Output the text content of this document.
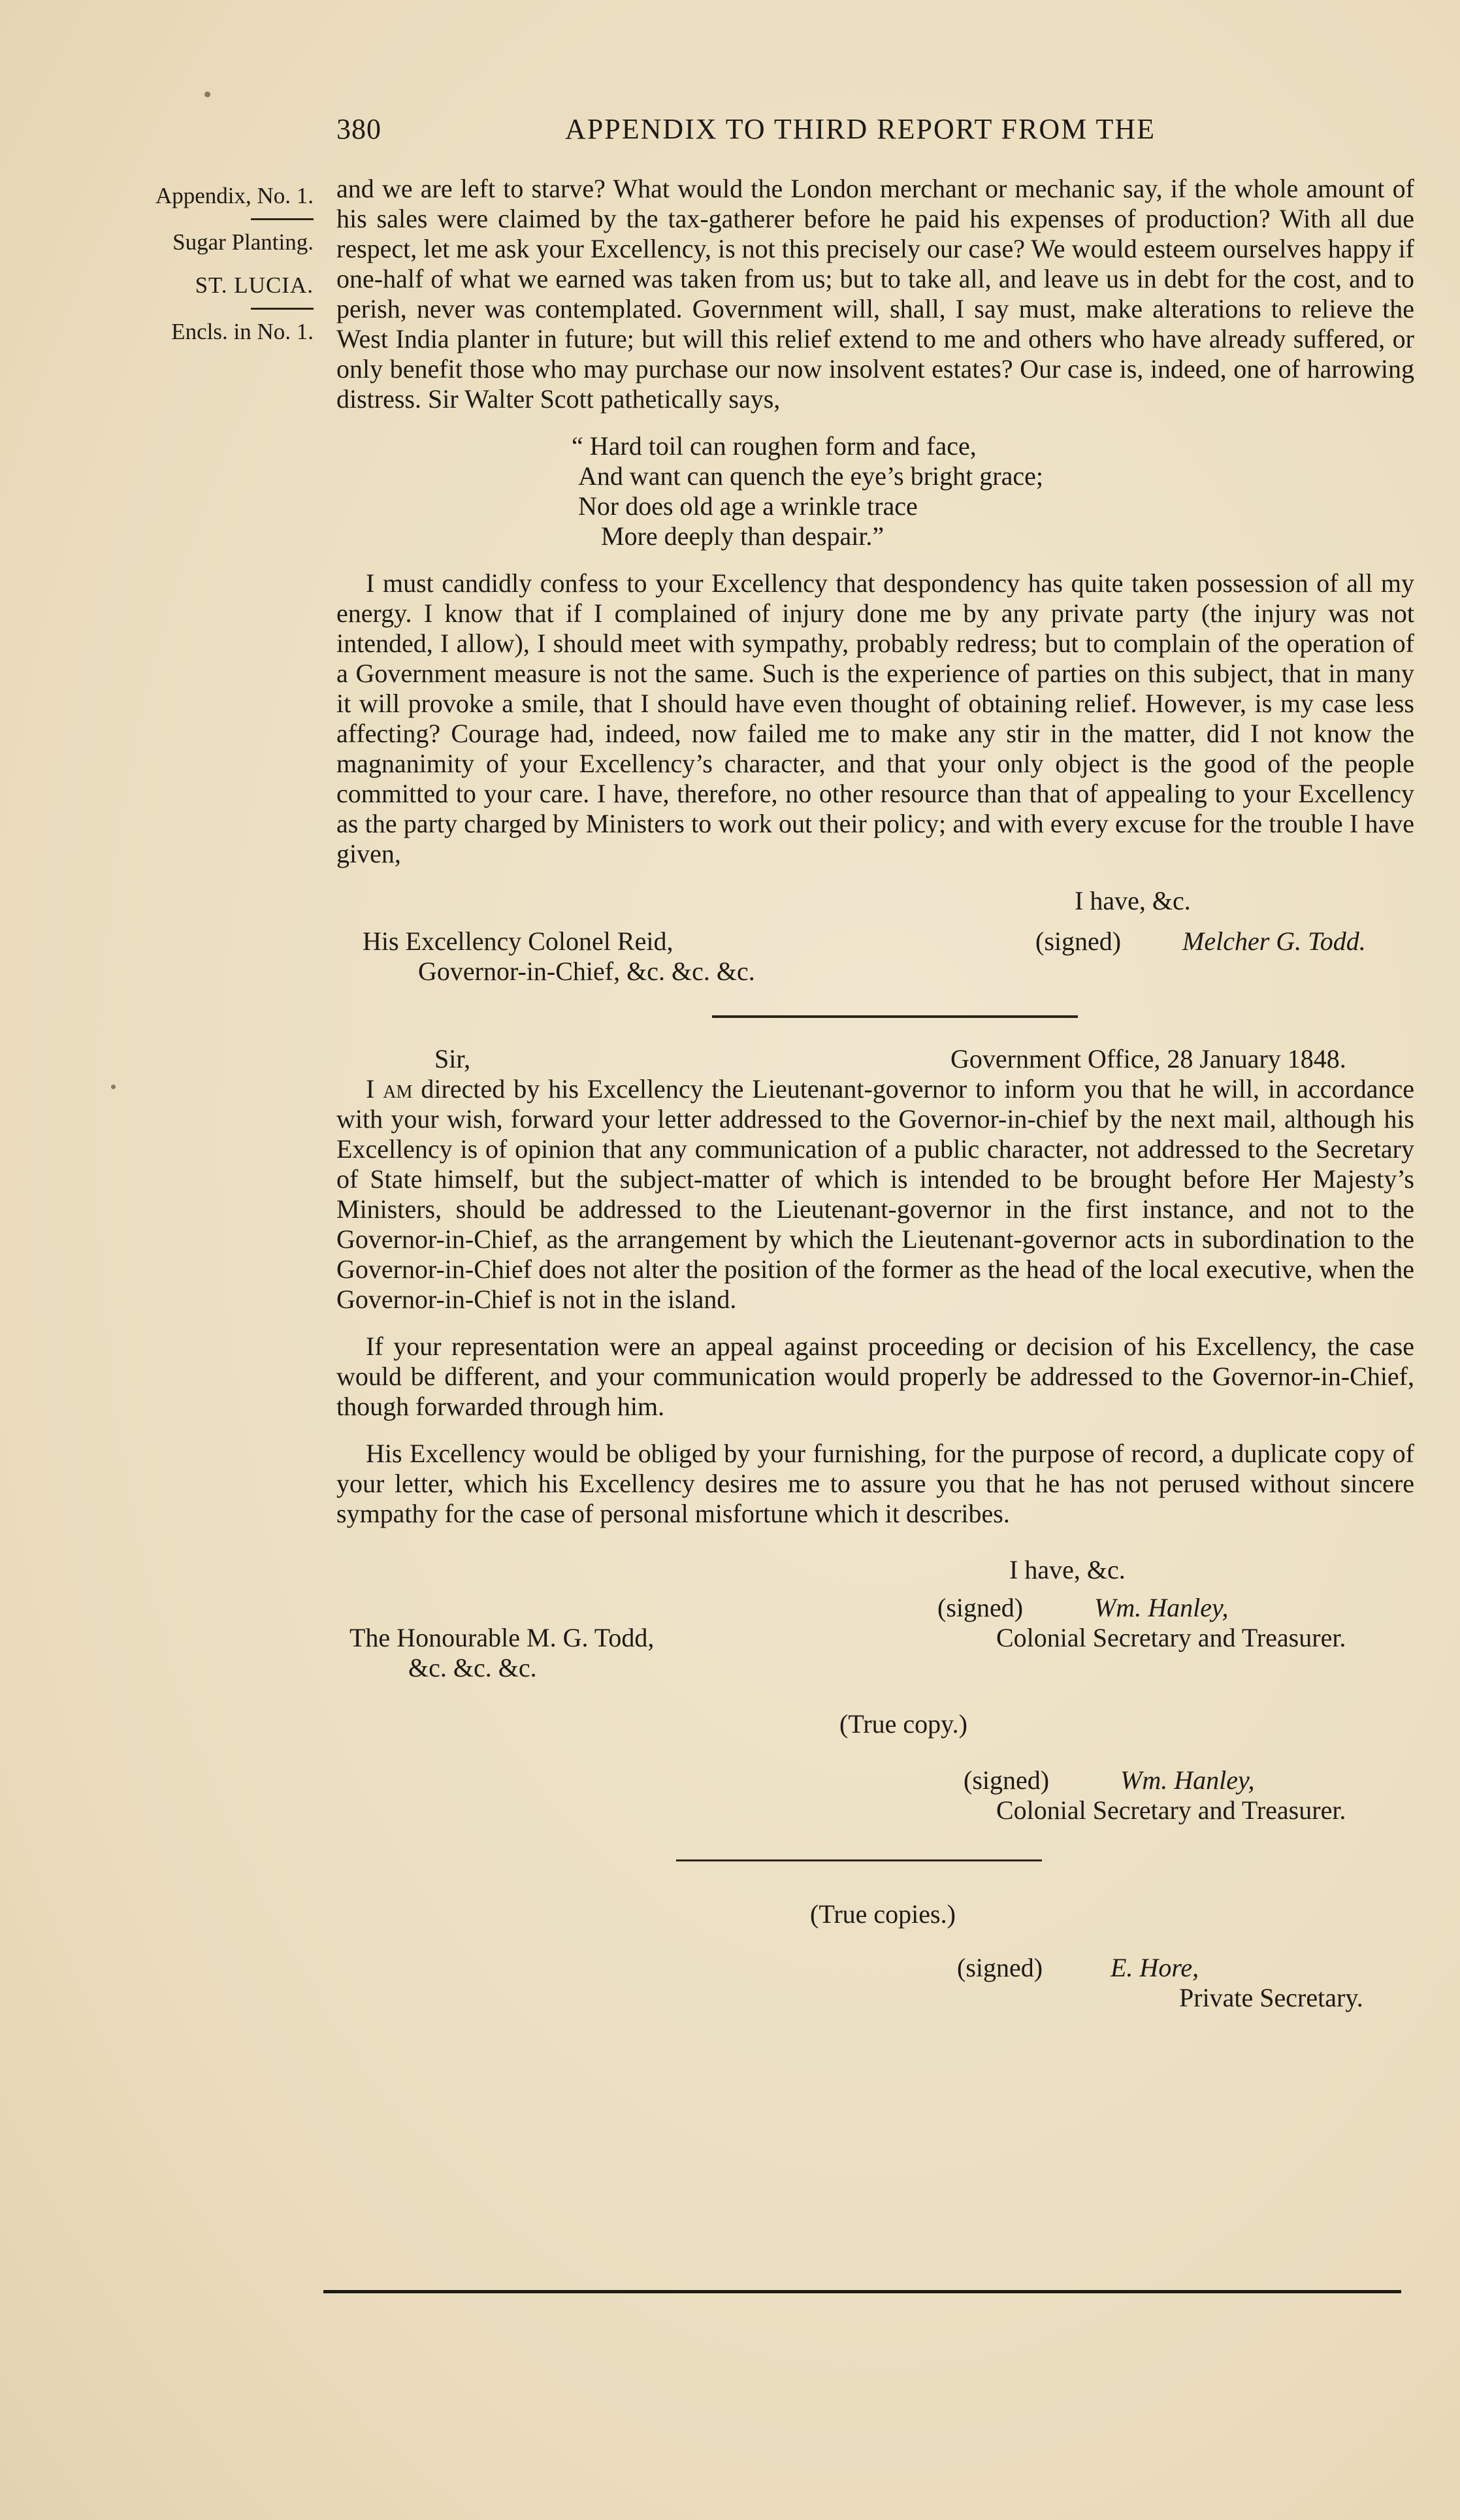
380	APPENDIX TO THIRD REPORT FROM THE
Appendix, No. 1.
Sugar Planting.
ST. LUCIA.
Encls. in No. 1.

and we are left to starve? What would the London merchant or mechanic say, if the whole amount of his sales were claimed by the tax-gatherer before he paid his expenses of production? With all due respect, let me ask your Excellency, is not this precisely our case? We would esteem ourselves happy if one-half of what we earned was taken from us; but to take all, and leave us in debt for the cost, and to perish, never was contemplated. Government will, shall, I say must, make alterations to relieve the West India planter in future; but will this relief extend to me and others who have already suffered, or only benefit those who may purchase our now insolvent estates? Our case is, indeed, one of harrowing distress. Sir Walter Scott pathetically says,

“ Hard toil can roughen form and face,
And want can quench the eye’s bright grace;
Nor does old age a wrinkle trace
More deeply than despair.”

I must candidly confess to your Excellency that despondency has quite taken possession of all my energy. I know that if I complained of injury done me by any private party (the injury was not intended, I allow), I should meet with sympathy, probably redress; but to complain of the operation of a Government measure is not the same. Such is the experience of parties on this subject, that in many it will provoke a smile, that I should have even thought of obtaining relief. However, is my case less affecting? Courage had, indeed, now failed me to make any stir in the matter, did I not know the magnanimity of your Excellency’s character, and that your only object is the good of the people committed to your care. I have, therefore, no other resource than that of appealing to your Excellency as the party charged by Ministers to work out their policy; and with every excuse for the trouble I have given,

I have, &c.
His Excellency Colonel Reid,	(signed) Melcher G. Todd.
Governor-in-Chief, &c. &c. &c.
Sir,	Government Office, 28 January 1848.

I am directed by his Excellency the Lieutenant-governor to inform you that he will, in accordance with your wish, forward your letter addressed to the Governor-in-chief by the next mail, although his Excellency is of opinion that any communication of a public character, not addressed to the Secretary of State himself, but the subject-matter of which is intended to be brought before Her Majesty’s Ministers, should be addressed to the Lieutenant-governor in the first instance, and not to the Governor-in-Chief, as the arrangement by which the Lieutenant-governor acts in subordination to the Governor-in-Chief does not alter the position of the former as the head of the local executive, when the Governor-in-Chief is not in the island.

If your representation were an appeal against proceeding or decision of his Excellency, the case would be different, and your communication would properly be addressed to the Governor-in-Chief, though forwarded through him.

His Excellency would be obliged by your furnishing, for the purpose of record, a duplicate copy of your letter, which his Excellency desires me to assure you that he has not perused without sincere sympathy for the case of personal misfortune which it describes.

I have, &c.
(signed)	Wm. Hanley,
The Honourable M. G. Todd,	Colonial Secretary and Treasurer.
&c. &c. &c.
(True copy.)
(signed)	Wm. Hanley,
Colonial Secretary and Treasurer.
(True copies.)
(signed)	E. Hore,
Private Secretary.
